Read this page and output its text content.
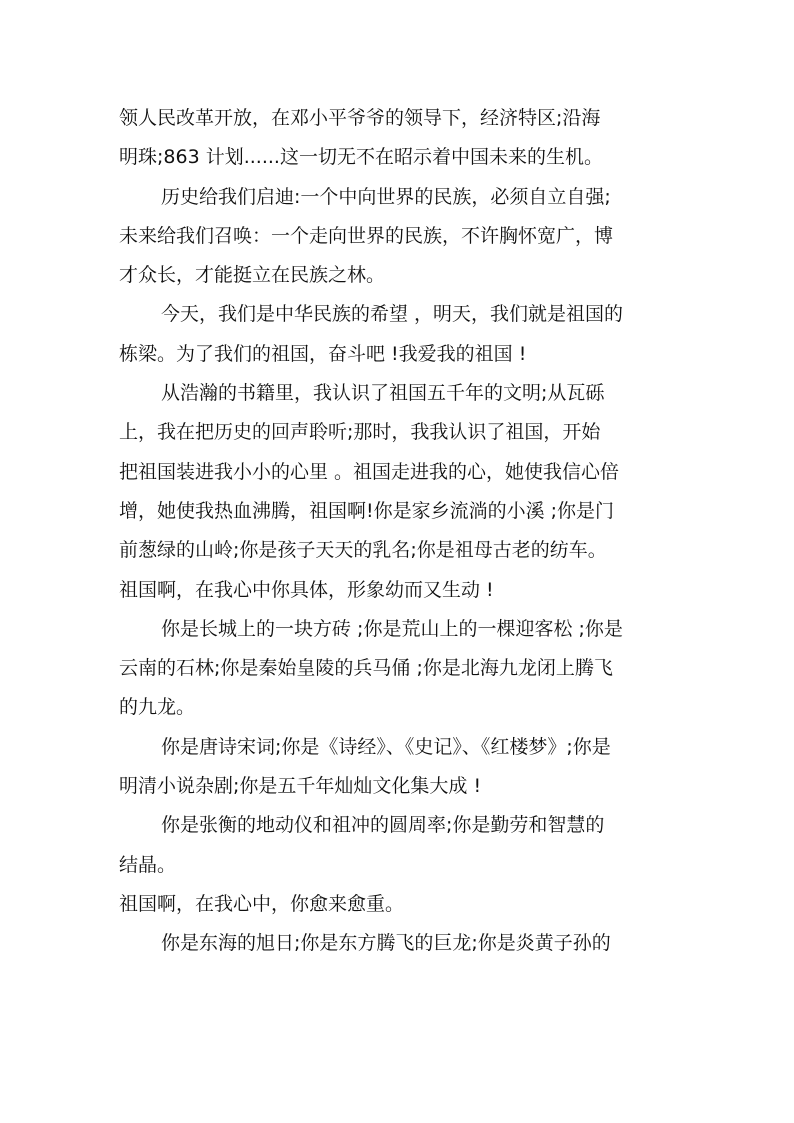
领人民改革开放，在邓小平爷爷的领导下，经济特区;沿海
明珠;863 计划......这一切无不在昭示着中国未来的生机。
历史给我们启迪:一个中向世界的民族，必须自立自强;
未来给我们召唤：一个走向世界的民族，不许胸怀宽广，博
才众长，才能挺立在民族之林。
今天，我们是中华民族的希望 ，明天，我们就是祖国的
栋梁。为了我们的祖国，奋斗吧 !我爱我的祖国 !
从浩瀚的书籍里，我认识了祖国五千年的文明;从瓦砾
上，我在把历史的回声聆听;那时，我我认识了祖国，开始
把祖国装进我小小的心里 。祖国走进我的心，她使我信心倍
增，她使我热血沸腾，祖国啊!你是家乡流淌的小溪 ;你是门
前葱绿的山岭;你是孩子天天的乳名;你是祖母古老的纺车。
祖国啊，在我心中你具体，形象幼而又生动 !
你是长城上的一块方砖 ;你是荒山上的一棵迎客松 ;你是
云南的石林;你是秦始皇陵的兵马俑 ;你是北海九龙闭上腾飞
的九龙。
你是唐诗宋词;你是《诗经》、《史记》、《红楼梦》;你是
明清小说杂剧;你是五千年灿灿文化集大成 !
你是张衡的地动仪和祖冲的圆周率;你是勤劳和智慧的
结晶。
祖国啊，在我心中，你愈来愈重。
你是东海的旭日;你是东方腾飞的巨龙;你是炎黄子孙的
